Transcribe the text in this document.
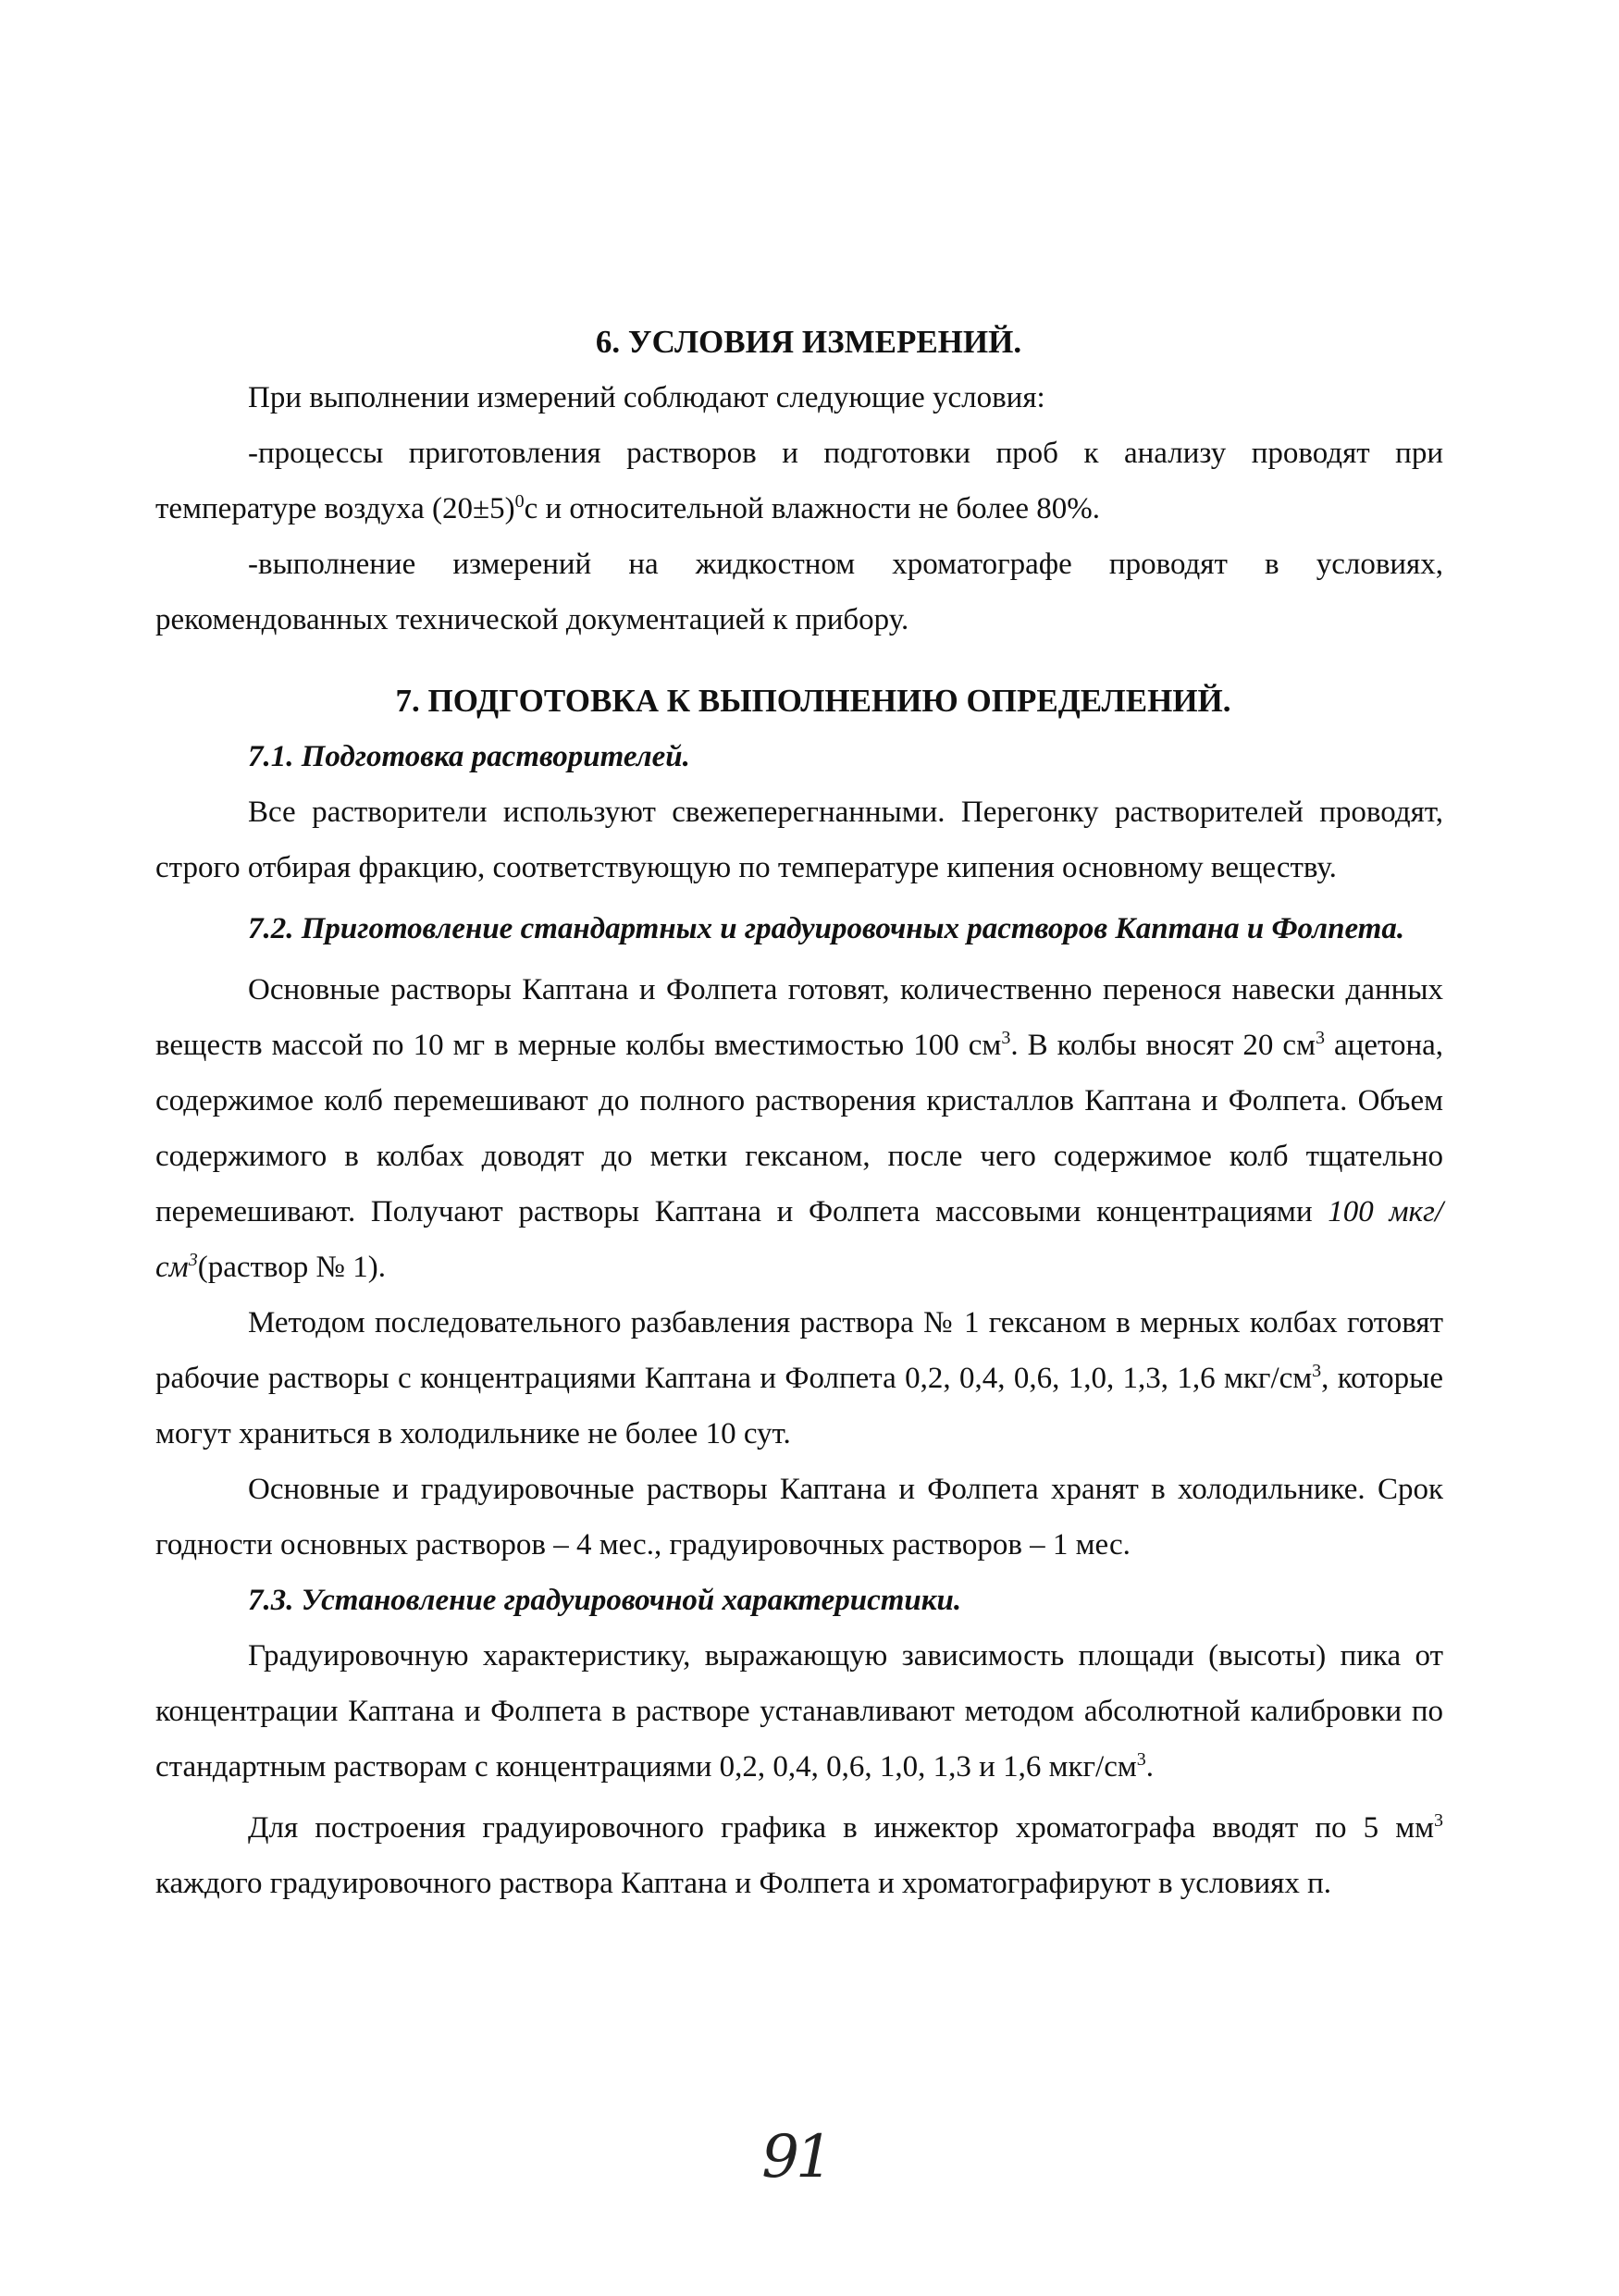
6. УСЛОВИЯ ИЗМЕРЕНИЙ.

При выполнении измерений соблюдают следующие условия:

-процессы приготовления растворов и подготовки проб к анализу проводят при температуре воздуха $(20\pm 5)^0с$ и относительной влажности не более 80%.

-выполнение измерений на жидкостном хроматографе проводят в условиях, рекомендованных технической документацией к прибору.

7. ПОДГОТОВКА К ВЫПОЛНЕНИЮ ОПРЕДЕЛЕНИЙ.
7.1. Подготовка растворителей.

Все растворители используют свежеперегнанными. Перегонку растворителей проводят, строго отбирая фракцию, соответствующую по температуре кипения основному веществу.

7.2. Приготовление стандартных и градуировочных растворов Каптана и Фолпета.

Основные растворы Каптана и Фолпета готовят, количественно перенося навески данных веществ массой по 10 мг в мерные колбы вместимостью 100 $см^3$. В колбы вносят 20 $см^3$ ацетона, содержимое колб перемешивают до полного растворения кристаллов Каптана и Фолпета. Объем содержимого в колбах доводят до метки гексаном, после чего содержимое колб тщательно перемешивают. Получают растворы Каптана и Фолпета массовыми концентрациями 100 мкг/$см^3(раствор$ № 1).

Методом последовательного разбавления раствора № 1 гексаном в мерных колбах готовят рабочие растворы с концентрациями Каптана и Фолпета 0,2, 0,4, 0,6, 1,0, 1,3, 1,6 мкг/$см^3$, которые могут храниться в холодильнике не более 10 сут.

Основные и градуировочные растворы Каптана и Фолпета хранят в холодильнике. Срок годности основных растворов – 4 мес., градуировочных растворов – 1 мес.

7.3. Установление градуировочной характеристики.

Градуировочную характеристику, выражающую зависимость площади (высоты) пика от концентрации Каптана и Фолпета в растворе устанавливают методом абсолютной калибровки по стандартным растворам с концентрациями 0,2, 0,4, 0,6, 1,0, 1,3 и 1,6 мкг/$см^3$.

Для построения градуировочного графика в инжектор хроматографа вводят по 5 $мм^3$ каждого градуировочного раствора Каптана и Фолпета и хроматографируют в условиях п.

91
